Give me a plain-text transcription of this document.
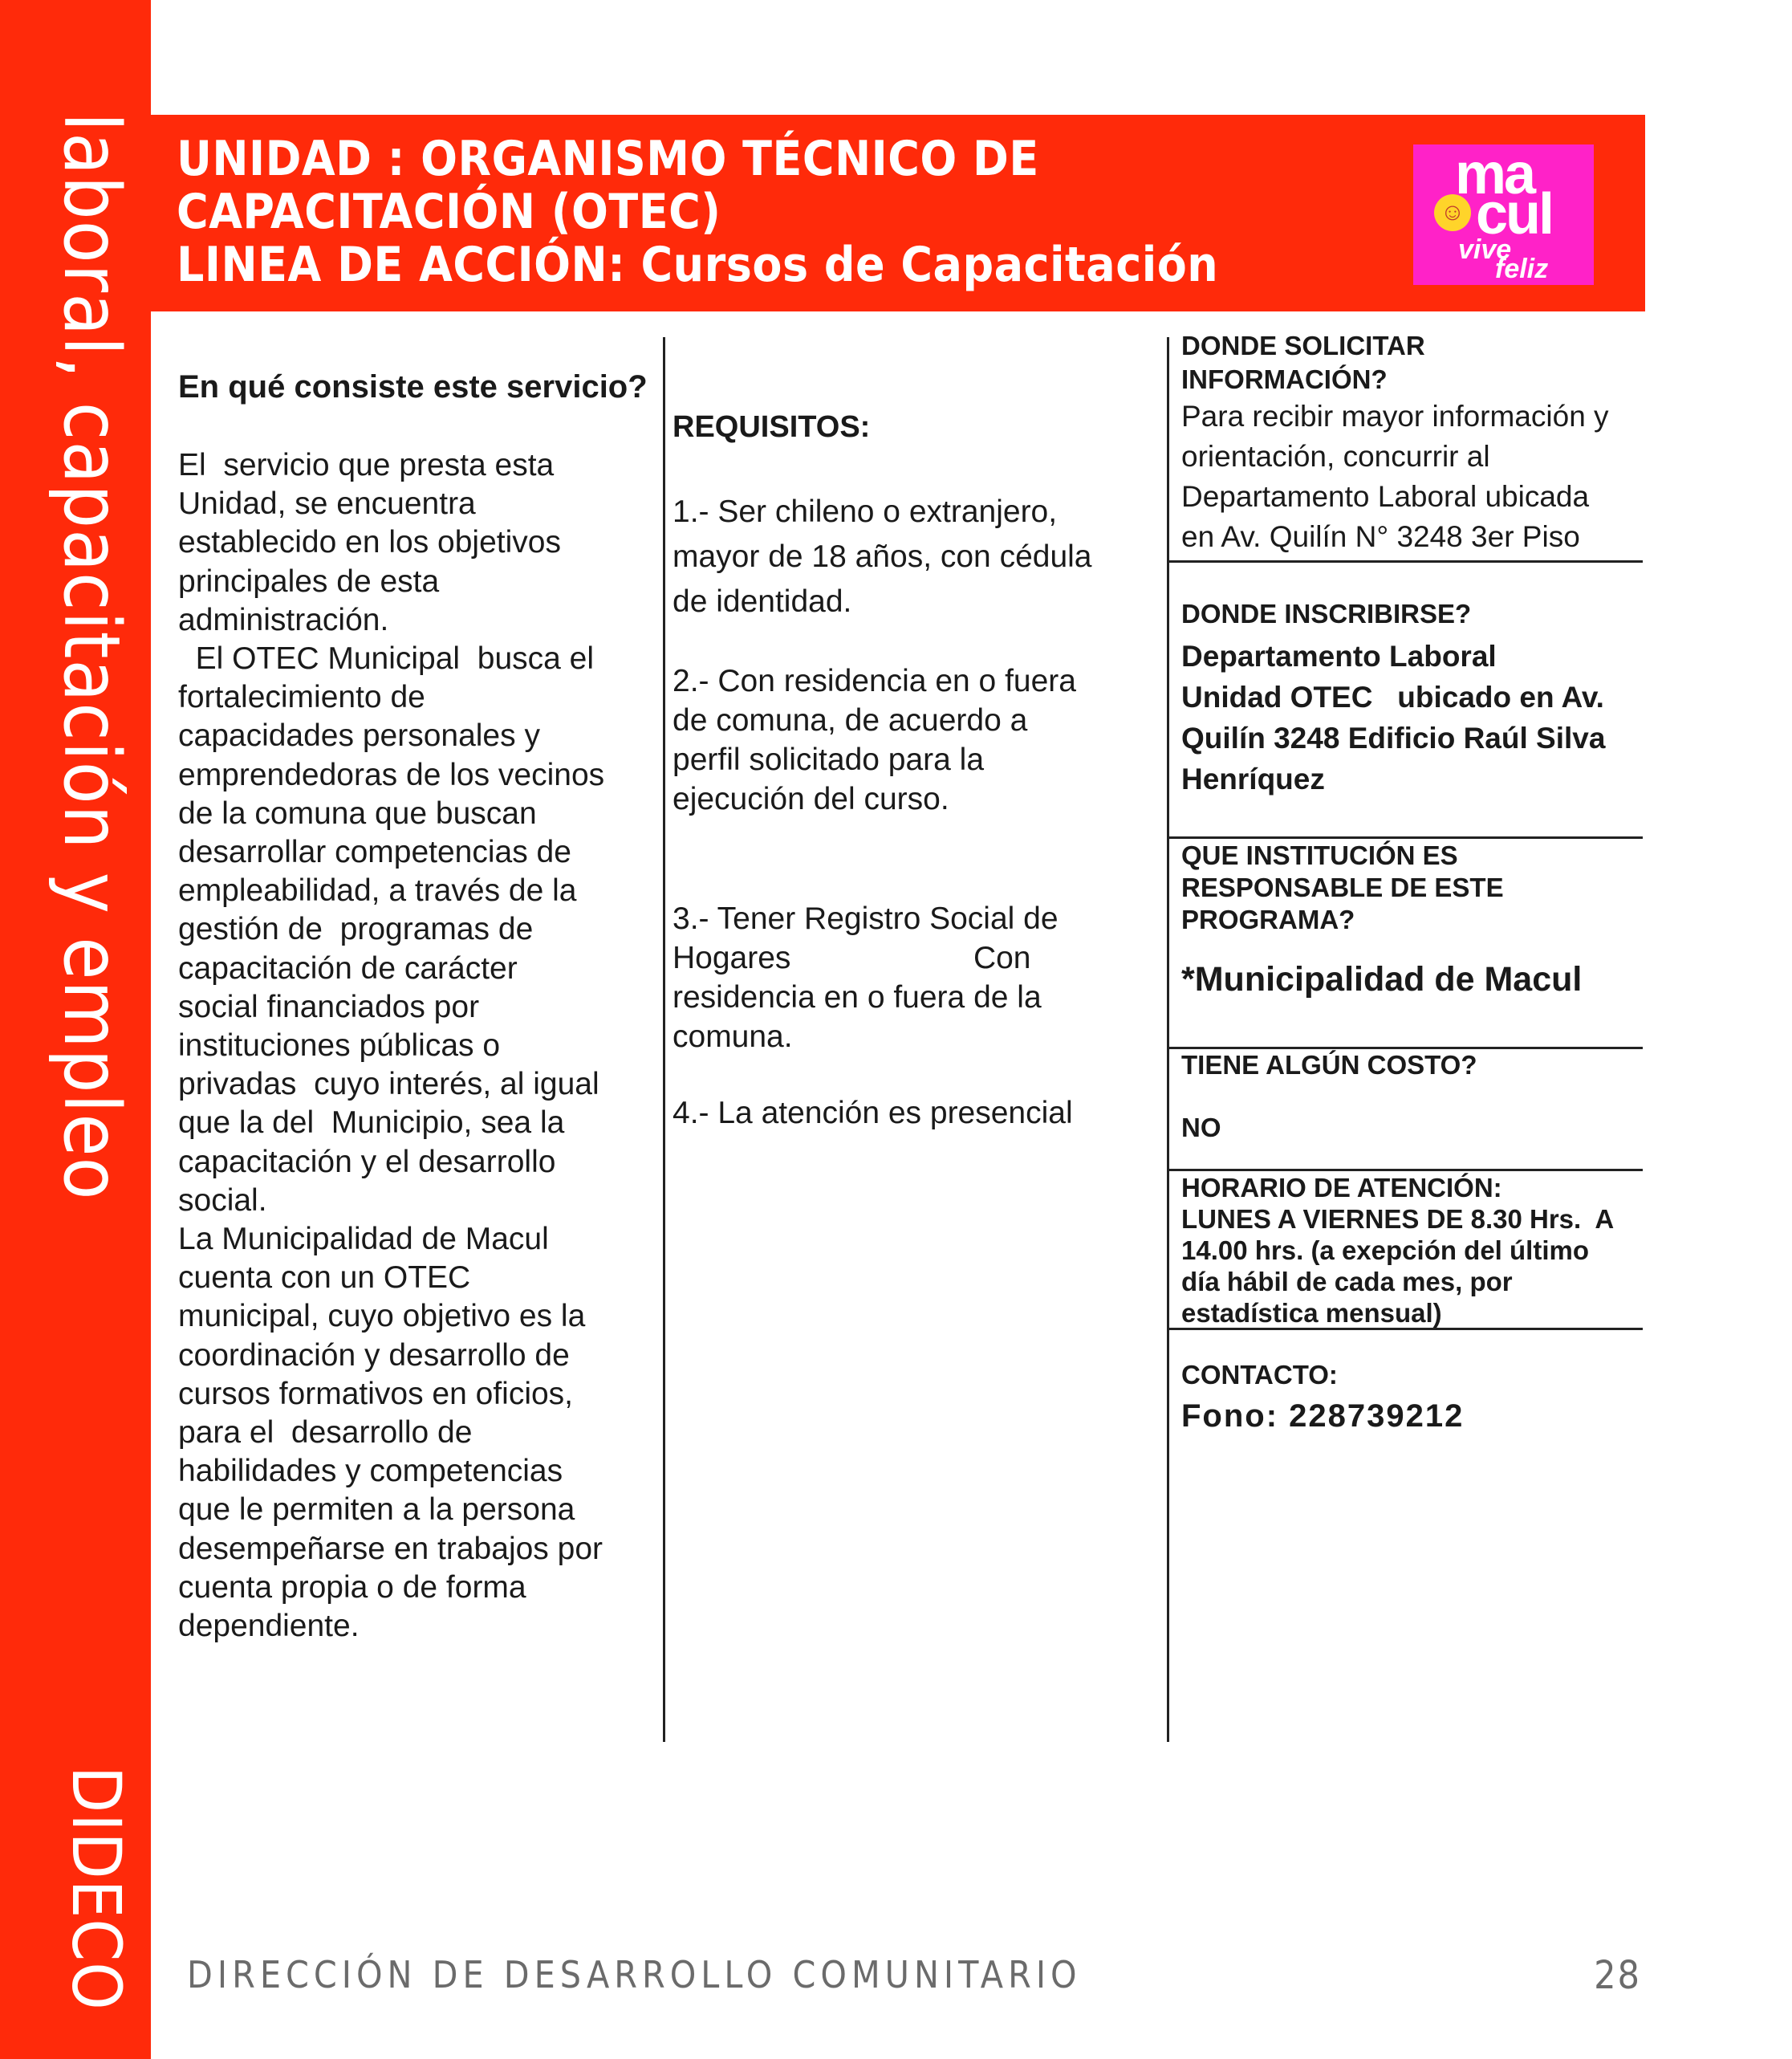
laboral, capacitación y empleo
DIDECO
UNIDAD : ORGANISMO TÉCNICO DE
CAPACITACIÓN (OTEC)
LINEA DE ACCIÓN: Cursos de Capacitación
☺
ma
cul
vive
feliz
En qué consiste este servicio?
El  servicio que presta esta
Unidad, se encuentra
establecido en los objetivos
principales de esta
administración.
El OTEC Municipal  busca el
fortalecimiento de
capacidades personales y
emprendedoras de los vecinos
de la comuna que buscan
desarrollar competencias de
empleabilidad, a través de la
gestión de  programas de
capacitación de carácter
social financiados por
instituciones públicas o
privadas  cuyo interés, al igual
que la del  Municipio, sea la
capacitación y el desarrollo
social.
La Municipalidad de Macul
cuenta con un OTEC
municipal, cuyo objetivo es la
coordinación y desarrollo de
cursos formativos en oficios,
para el  desarrollo de
habilidades y competencias
que le permiten a la persona
desempeñarse en trabajos por
cuenta propia o de forma
dependiente.
REQUISITOS:
1.- Ser chileno o extranjero,
mayor de 18 años, con cédula
de identidad.
2.- Con residencia en o fuera
de comuna, de acuerdo a
perfil solicitado para la
ejecución del curso.
3.- Tener Registro Social de
Hogares                     Con
residencia en o fuera de la
comuna.
4.- La atención es presencial
DONDE SOLICITAR
INFORMACIÓN?
Para recibir mayor información y
orientación, concurrir al
Departamento Laboral ubicada
en Av. Quilín N° 3248 3er Piso
DONDE INSCRIBIRSE?
Departamento Laboral
Unidad OTEC   ubicado en Av.
Quilín 3248 Edificio Raúl Silva
Henríquez
QUE INSTITUCIÓN ES
RESPONSABLE DE ESTE
PROGRAMA?
*Municipalidad de Macul
TIENE ALGÚN COSTO?
NO
HORARIO DE ATENCIÓN:
LUNES A VIERNES DE 8.30 Hrs.  A
14.00 hrs. (a exepción del último
día hábil de cada mes, por
estadística mensual)
CONTACTO:
Fono: 228739212
DIRECCIÓN DE DESARROLLO COMUNITARIO	28
